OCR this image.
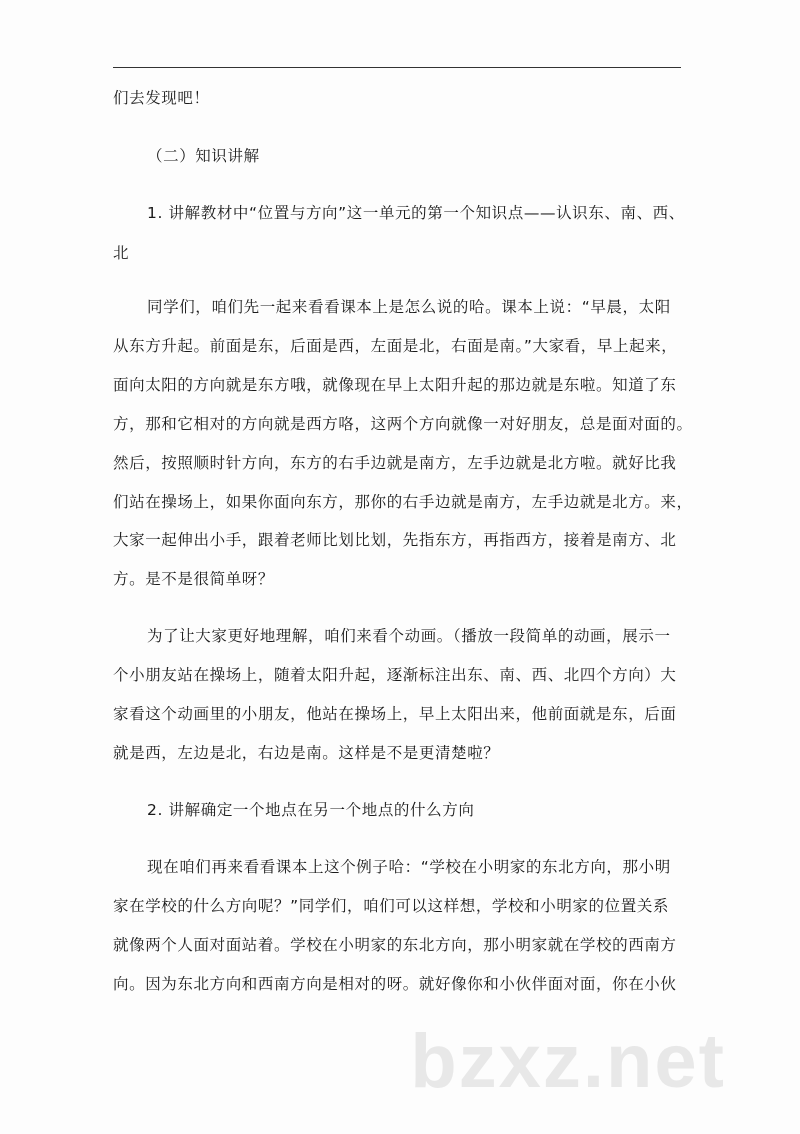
们去发现吧！
（二）知识讲解
1. 讲解教材中“位置与方向”这一单元的第一个知识点——认识东、南、西、
北
同学们，咱们先一起来看看课本上是怎么说的哈。课本上说：“早晨，太阳
从东方升起。前面是东，后面是西，左面是北，右面是南。”大家看，早上起来，
面向太阳的方向就是东方哦，就像现在早上太阳升起的那边就是东啦。知道了东
方，那和它相对的方向就是西方咯，这两个方向就像一对好朋友，总是面对面的。
然后，按照顺时针方向，东方的右手边就是南方，左手边就是北方啦。就好比我
们站在操场上，如果你面向东方，那你的右手边就是南方，左手边就是北方。来，
大家一起伸出小手，跟着老师比划比划，先指东方，再指西方，接着是南方、北
方。是不是很简单呀？
为了让大家更好地理解，咱们来看个动画。（播放一段简单的动画，展示一
个小朋友站在操场上，随着太阳升起，逐渐标注出东、南、西、北四个方向）大
家看这个动画里的小朋友，他站在操场上，早上太阳出来，他前面就是东，后面
就是西，左边是北，右边是南。这样是不是更清楚啦？
2. 讲解确定一个地点在另一个地点的什么方向
现在咱们再来看看课本上这个例子哈：“学校在小明家的东北方向，那小明
家在学校的什么方向呢？”同学们，咱们可以这样想，学校和小明家的位置关系
就像两个人面对面站着。学校在小明家的东北方向，那小明家就在学校的西南方
向。因为东北方向和西南方向是相对的呀。就好像你和小伙伴面对面，你在小伙
bzxz.net
